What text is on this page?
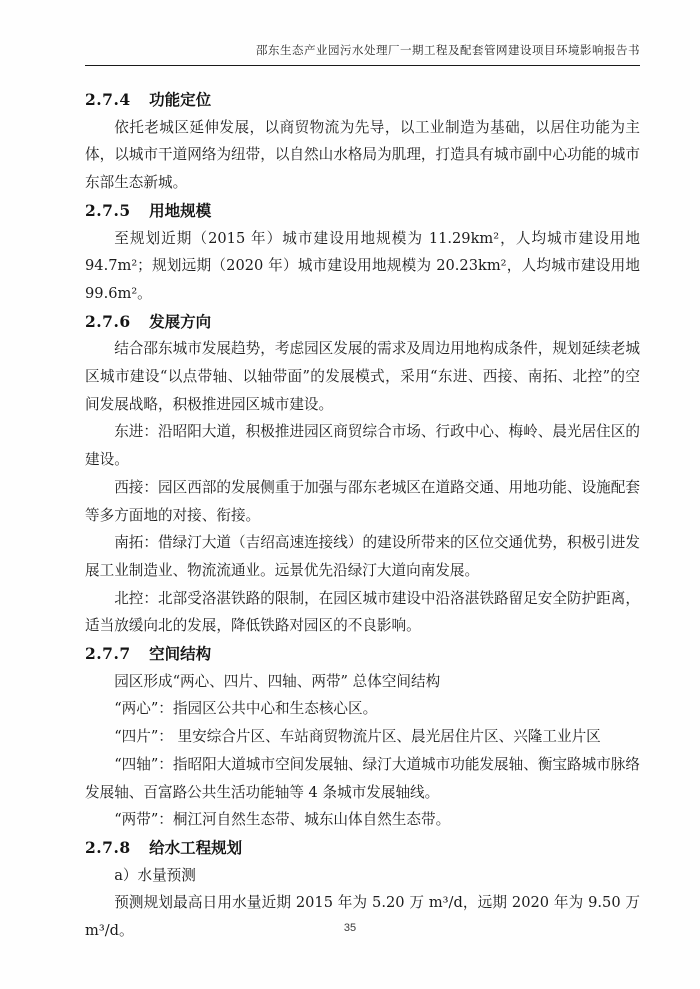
邵东生态产业园污水处理厂一期工程及配套管网建设项目环境影响报告书
2.7.4 功能定位

依托老城区延伸发展，以商贸物流为先导，以工业制造为基础，以居住功能为主体，以城市干道网络为纽带，以自然山水格局为肌理，打造具有城市副中心功能的城市东部生态新城。

2.7.5 用地规模

至规划近期（2015 年）城市建设用地规模为 11.29km²，人均城市建设用地 94.7m²；规划远期（2020 年）城市建设用地规模为 20.23km²，人均城市建设用地 99.6m²。

2.7.6 发展方向

结合邵东城市发展趋势，考虑园区发展的需求及周边用地构成条件，规划延续老城区城市建设“以点带轴、以轴带面”的发展模式，采用“东进、西接、南拓、北控”的空间发展战略，积极推进园区城市建设。

东进：沿昭阳大道，积极推进园区商贸综合市场、行政中心、梅岭、晨光居住区的建设。

西接：园区西部的发展侧重于加强与邵东老城区在道路交通、用地功能、设施配套等多方面地的对接、衔接。

南拓：借绿汀大道（吉绍高速连接线）的建设所带来的区位交通优势，积极引进发展工业制造业、物流流通业。远景优先沿绿汀大道向南发展。

北控：北部受洛湛铁路的限制，在园区城市建设中沿洛湛铁路留足安全防护距离，适当放缓向北的发展，降低铁路对园区的不良影响。

2.7.7 空间结构

园区形成“两心、四片、四轴、两带” 总体空间结构

“两心”：指园区公共中心和生态核心区。

“四片”： 里安综合片区、车站商贸物流片区、晨光居住片区、兴隆工业片区

“四轴”：指昭阳大道城市空间发展轴、绿汀大道城市功能发展轴、衡宝路城市脉络发展轴、百富路公共生活功能轴等 4 条城市发展轴线。

“两带”：桐江河自然生态带、城东山体自然生态带。

2.7.8 给水工程规划

a）水量预测

预测规划最高日用水量近期 2015 年为 5.20 万 m³/d，远期 2020 年为 9.50 万 m³/d。	35
